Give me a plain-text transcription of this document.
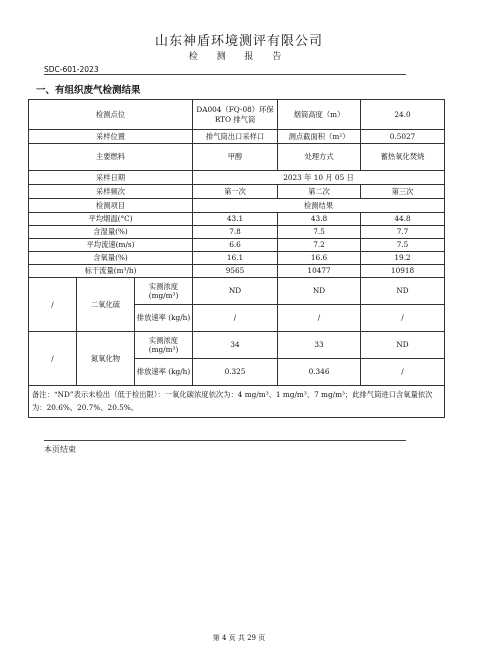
山东神盾环境测评有限公司
检 测 报 告
SDC-601-2023
一、有组织废气检测结果
检测点位			DA004（FQ-08）环保 RTO 排气筒	烟筒高度（m）	24.0
采样位置			排气筒出口采样口	测点截面积（m²）	0.5027
主要燃料			甲醇	处理方式	蓄热氧化焚烧
采样日期			2023 年 10 月 05 日		
采样频次			第一次	第二次	第三次
检测项目			检测结果		
平均烟温(°C)			43.1	43.8	44.8
含湿量(%)			7.8	7.5	7.7
平均流速(m/s)			6.6	7.2	7.5
含氧量(%)			16.1	16.6	19.2
标干流量(m³/h)			9565	10477	10918
/	二氧化硫	实测浓度 (mg/m³)	ND	ND	ND
		排放速率 (kg/h)	/	/	/
/	氮氧化物	实测浓度 (mg/m³)	34	33	ND
		排放速率 (kg/h)	0.325	0.346	/
备注：“ND”表示未检出（低于检出限）：一氧化碳浓度依次为：4 mg/m³、1 mg/m³、7 mg/m³；此排气筒进口含氧量依次为：20.6%、20.7%、20.5%。					
本页结束
第 4 页 共 29 页
